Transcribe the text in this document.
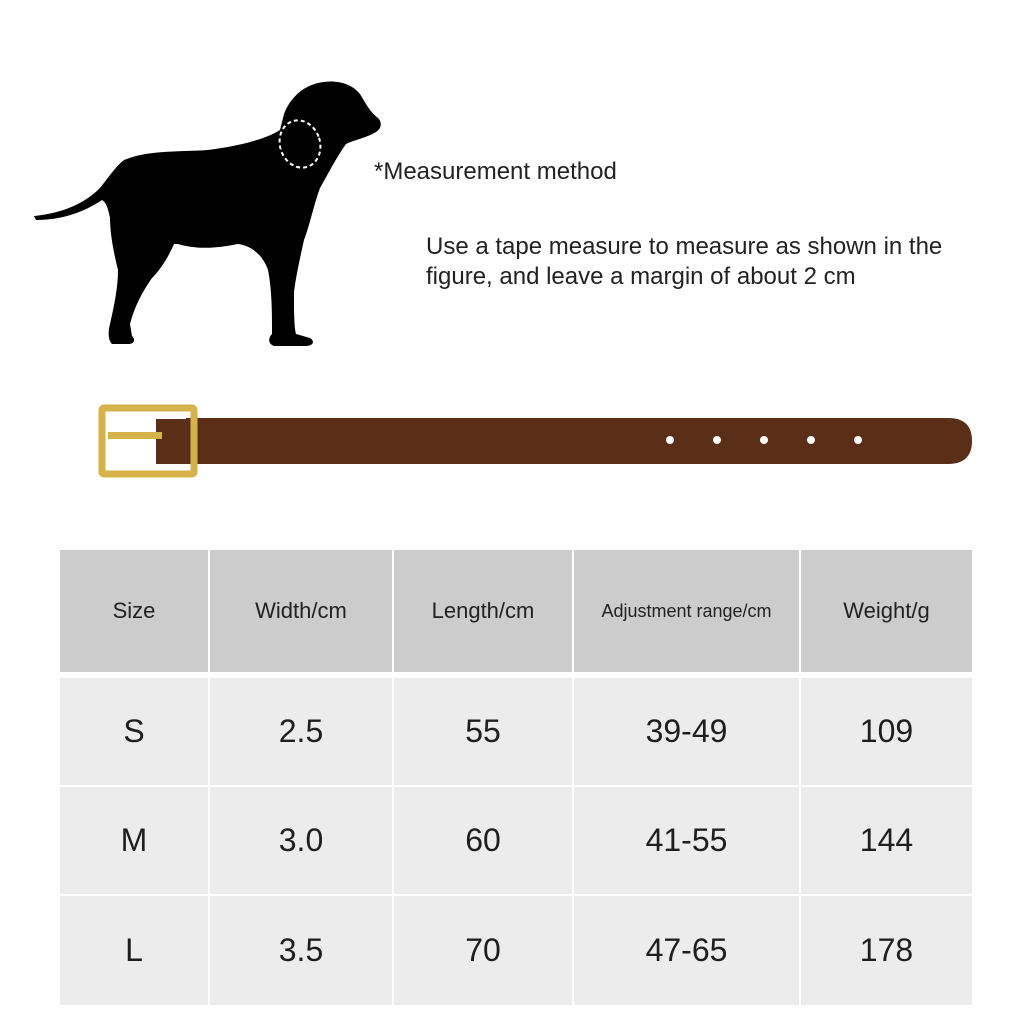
*Measurement method
Use a tape measure to measure as shown in the figure, and leave a margin of about 2 cm
Size	Width/cm	Length/cm	Adjustment range/cm	Weight/g
S	2.5	55	39-49	109
M	3.0	60	41-55	144
L	3.5	70	47-65	178
